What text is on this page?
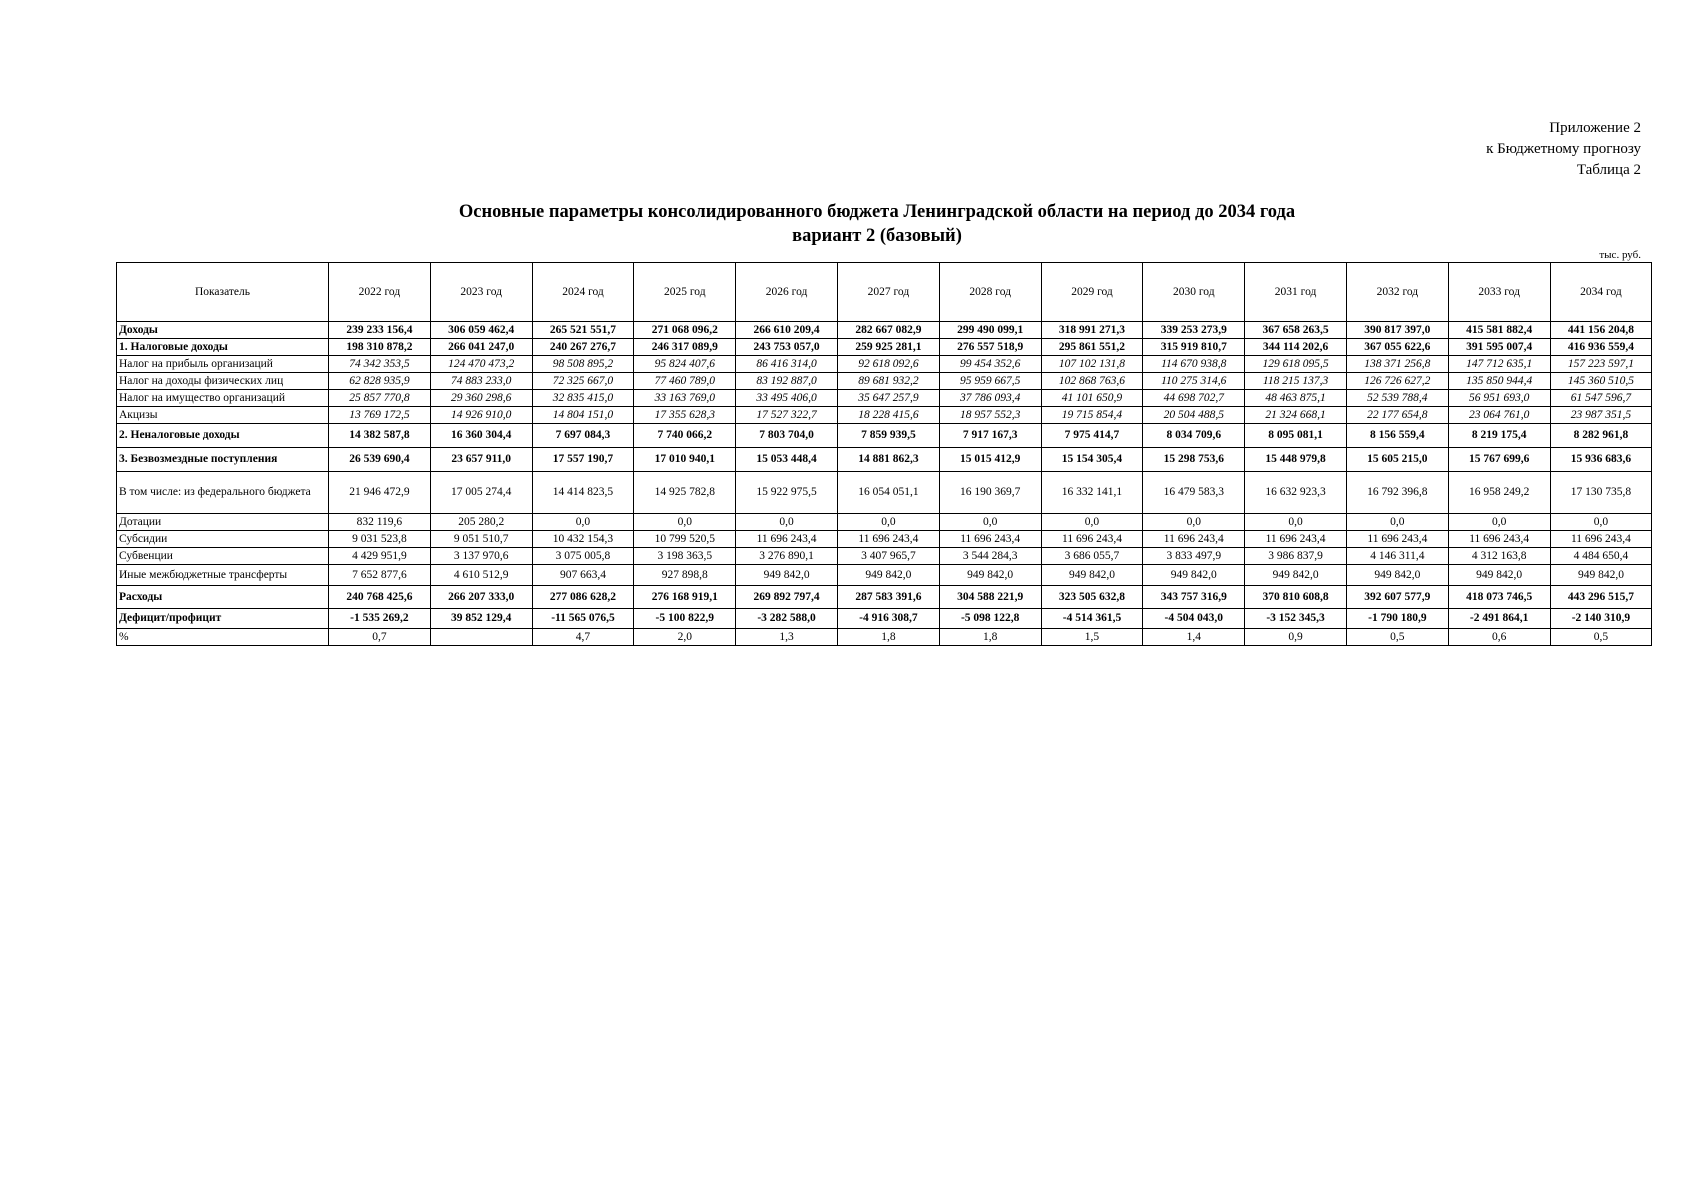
Приложение 2
к Бюджетному прогнозу
Таблица 2
Основные параметры консолидированного бюджета Ленинградской области на период до 2034 года
вариант 2 (базовый)
тыс. руб.
Показатель	2022 год	2023 год	2024 год	2025 год	2026 год	2027 год	2028 год	2029 год	2030 год	2031 год	2032 год	2033 год	2034 год
Доходы	239 233 156,4	306 059 462,4	265 521 551,7	271 068 096,2	266 610 209,4	282 667 082,9	299 490 099,1	318 991 271,3	339 253 273,9	367 658 263,5	390 817 397,0	415 581 882,4	441 156 204,8
1. Налоговые доходы	198 310 878,2	266 041 247,0	240 267 276,7	246 317 089,9	243 753 057,0	259 925 281,1	276 557 518,9	295 861 551,2	315 919 810,7	344 114 202,6	367 055 622,6	391 595 007,4	416 936 559,4
Налог на прибыль организаций	74 342 353,5	124 470 473,2	98 508 895,2	95 824 407,6	86 416 314,0	92 618 092,6	99 454 352,6	107 102 131,8	114 670 938,8	129 618 095,5	138 371 256,8	147 712 635,1	157 223 597,1
Налог на доходы физических лиц	62 828 935,9	74 883 233,0	72 325 667,0	77 460 789,0	83 192 887,0	89 681 932,2	95 959 667,5	102 868 763,6	110 275 314,6	118 215 137,3	126 726 627,2	135 850 944,4	145 360 510,5
Налог на имущество организаций	25 857 770,8	29 360 298,6	32 835 415,0	33 163 769,0	33 495 406,0	35 647 257,9	37 786 093,4	41 101 650,9	44 698 702,7	48 463 875,1	52 539 788,4	56 951 693,0	61 547 596,7
Акцизы	13 769 172,5	14 926 910,0	14 804 151,0	17 355 628,3	17 527 322,7	18 228 415,6	18 957 552,3	19 715 854,4	20 504 488,5	21 324 668,1	22 177 654,8	23 064 761,0	23 987 351,5
2. Неналоговые доходы	14 382 587,8	16 360 304,4	7 697 084,3	7 740 066,2	7 803 704,0	7 859 939,5	7 917 167,3	7 975 414,7	8 034 709,6	8 095 081,1	8 156 559,4	8 219 175,4	8 282 961,8
3. Безвозмездные поступления	26 539 690,4	23 657 911,0	17 557 190,7	17 010 940,1	15 053 448,4	14 881 862,3	15 015 412,9	15 154 305,4	15 298 753,6	15 448 979,8	15 605 215,0	15 767 699,6	15 936 683,6
В том числе: из федерального бюджета	21 946 472,9	17 005 274,4	14 414 823,5	14 925 782,8	15 922 975,5	16 054 051,1	16 190 369,7	16 332 141,1	16 479 583,3	16 632 923,3	16 792 396,8	16 958 249,2	17 130 735,8
Дотации	832 119,6	205 280,2	0,0	0,0	0,0	0,0	0,0	0,0	0,0	0,0	0,0	0,0	0,0
Субсидии	9 031 523,8	9 051 510,7	10 432 154,3	10 799 520,5	11 696 243,4	11 696 243,4	11 696 243,4	11 696 243,4	11 696 243,4	11 696 243,4	11 696 243,4	11 696 243,4	11 696 243,4
Субвенции	4 429 951,9	3 137 970,6	3 075 005,8	3 198 363,5	3 276 890,1	3 407 965,7	3 544 284,3	3 686 055,7	3 833 497,9	3 986 837,9	4 146 311,4	4 312 163,8	4 484 650,4
Иные межбюджетные трансферты	7 652 877,6	4 610 512,9	907 663,4	927 898,8	949 842,0	949 842,0	949 842,0	949 842,0	949 842,0	949 842,0	949 842,0	949 842,0	949 842,0
Расходы	240 768 425,6	266 207 333,0	277 086 628,2	276 168 919,1	269 892 797,4	287 583 391,6	304 588 221,9	323 505 632,8	343 757 316,9	370 810 608,8	392 607 577,9	418 073 746,5	443 296 515,7
Дефицит/профицит	-1 535 269,2	39 852 129,4	-11 565 076,5	-5 100 822,9	-3 282 588,0	-4 916 308,7	-5 098 122,8	-4 514 361,5	-4 504 043,0	-3 152 345,3	-1 790 180,9	-2 491 864,1	-2 140 310,9
%	0,7		4,7	2,0	1,3	1,8	1,8	1,5	1,4	0,9	0,5	0,6	0,5
